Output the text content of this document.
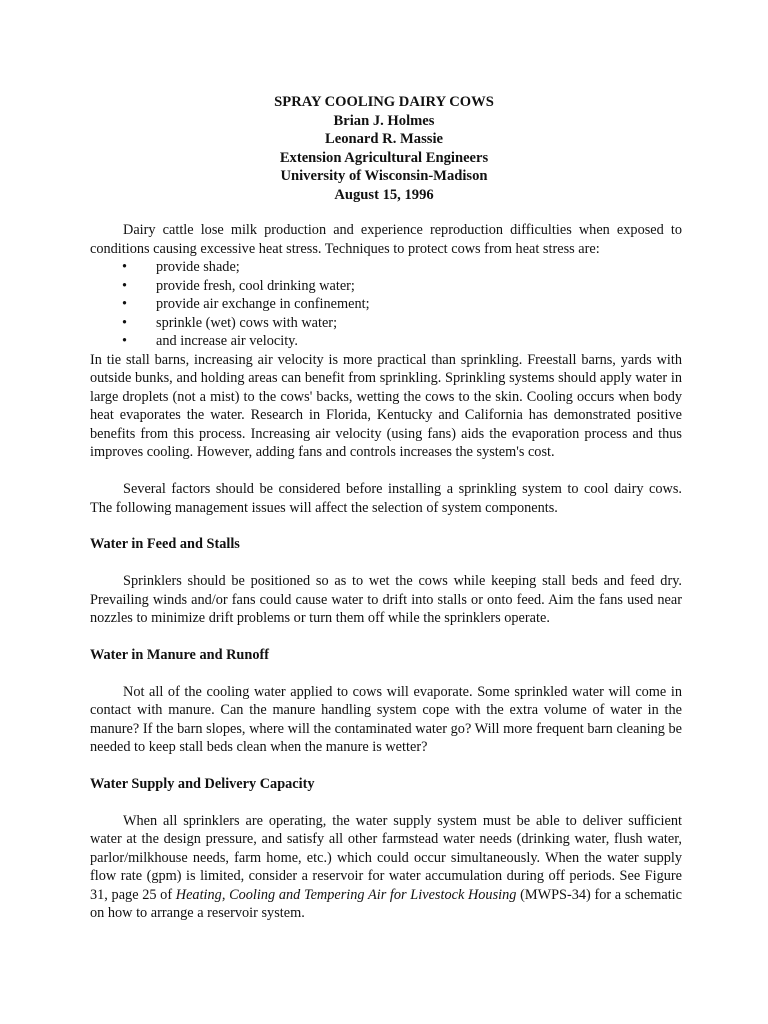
SPRAY COOLING DAIRY COWS
Brian J. Holmes
Leonard R. Massie
Extension Agricultural Engineers
University of Wisconsin-Madison
August 15, 1996

Dairy cattle lose milk production and experience reproduction difficulties when exposed to conditions causing excessive heat stress. Techniques to protect cows from heat stress are:

• provide shade;
• provide fresh, cool drinking water;
• provide air exchange in confinement;
• sprinkle (wet) cows with water;
• and increase air velocity.

In tie stall barns, increasing air velocity is more practical than sprinkling. Freestall barns, yards with outside bunks, and holding areas can benefit from sprinkling. Sprinkling systems should apply water in large droplets (not a mist) to the cows' backs, wetting the cows to the skin. Cooling occurs when body heat evaporates the water. Research in Florida, Kentucky and California has demonstrated positive benefits from this process. Increasing air velocity (using fans) aids the evaporation process and thus improves cooling. However, adding fans and controls increases the system's cost.

Several factors should be considered before installing a sprinkling system to cool dairy cows. The following management issues will affect the selection of system components.

Water in Feed and Stalls

Sprinklers should be positioned so as to wet the cows while keeping stall beds and feed dry. Prevailing winds and/or fans could cause water to drift into stalls or onto feed. Aim the fans used near nozzles to minimize drift problems or turn them off while the sprinklers operate.

Water in Manure and Runoff

Not all of the cooling water applied to cows will evaporate. Some sprinkled water will come in contact with manure. Can the manure handling system cope with the extra volume of water in the manure? If the barn slopes, where will the contaminated water go? Will more frequent barn cleaning be needed to keep stall beds clean when the manure is wetter?

Water Supply and Delivery Capacity

When all sprinklers are operating, the water supply system must be able to deliver sufficient water at the design pressure, and satisfy all other farmstead water needs (drinking water, flush water, parlor/milkhouse needs, farm home, etc.) which could occur simultaneously. When the water supply flow rate (gpm) is limited, consider a reservoir for water accumulation during off periods. See Figure 31, page 25 of Heating, Cooling and Tempering Air for Livestock Housing (MWPS-34) for a schematic on how to arrange a reservoir system.
